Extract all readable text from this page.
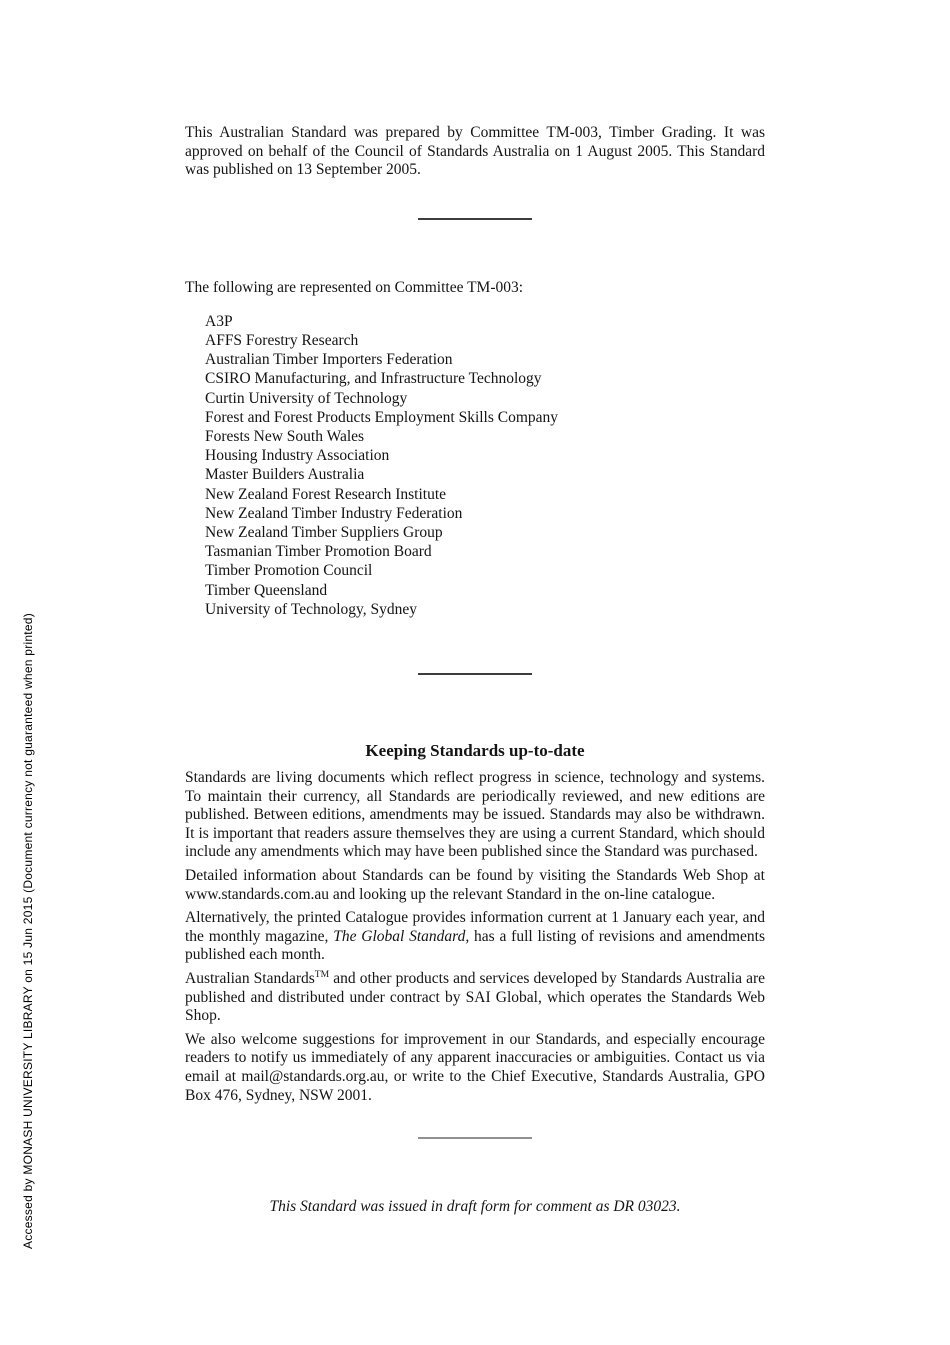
Accessed by MONASH UNIVERSITY LIBRARY on 15 Jun 2015 (Document currency not guaranteed when printed)

This Australian Standard was prepared by Committee TM-003, Timber Grading. It was approved on behalf of the Council of Standards Australia on 1 August 2005. This Standard was published on 13 September 2005.

The following are represented on Committee TM-003:

A3P
AFFS Forestry Research
Australian Timber Importers Federation
CSIRO Manufacturing, and Infrastructure Technology
Curtin University of Technology
Forest and Forest Products Employment Skills Company
Forests New South Wales
Housing Industry Association
Master Builders Australia
New Zealand Forest Research Institute
New Zealand Timber Industry Federation
New Zealand Timber Suppliers Group
Tasmanian Timber Promotion Board
Timber Promotion Council
Timber Queensland
University of Technology, Sydney
Keeping Standards up-to-date

Standards are living documents which reflect progress in science, technology and systems. To maintain their currency, all Standards are periodically reviewed, and new editions are published. Between editions, amendments may be issued. Standards may also be withdrawn. It is important that readers assure themselves they are using a current Standard, which should include any amendments which may have been published since the Standard was purchased.

Detailed information about Standards can be found by visiting the Standards Web Shop at www.standards.com.au and looking up the relevant Standard in the on-line catalogue.

Alternatively, the printed Catalogue provides information current at 1 January each year, and the monthly magazine, The Global Standard, has a full listing of revisions and amendments published each month.

Australian Standards™ and other products and services developed by Standards Australia are published and distributed under contract by SAI Global, which operates the Standards Web Shop.

We also welcome suggestions for improvement in our Standards, and especially encourage readers to notify us immediately of any apparent inaccuracies or ambiguities. Contact us via email at mail@standards.org.au, or write to the Chief Executive, Standards Australia, GPO Box 476, Sydney, NSW 2001.

This Standard was issued in draft form for comment as DR 03023.
